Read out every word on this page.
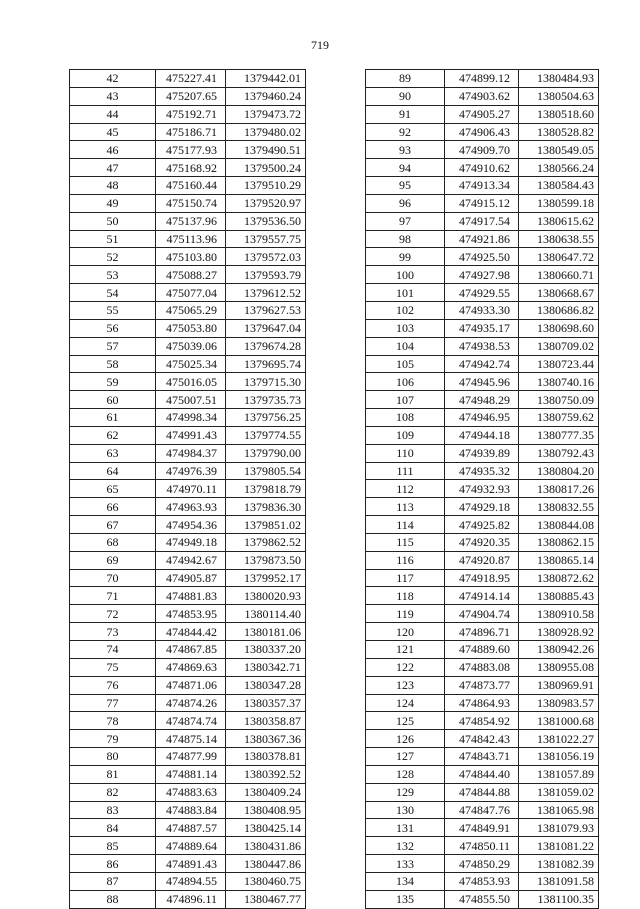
719
42	475227.41	1379442.01
43	475207.65	1379460.24
44	475192.71	1379473.72
45	475186.71	1379480.02
46	475177.93	1379490.51
47	475168.92	1379500.24
48	475160.44	1379510.29
49	475150.74	1379520.97
50	475137.96	1379536.50
51	475113.96	1379557.75
52	475103.80	1379572.03
53	475088.27	1379593.79
54	475077.04	1379612.52
55	475065.29	1379627.53
56	475053.80	1379647.04
57	475039.06	1379674.28
58	475025.34	1379695.74
59	475016.05	1379715.30
60	475007.51	1379735.73
61	474998.34	1379756.25
62	474991.43	1379774.55
63	474984.37	1379790.00
64	474976.39	1379805.54
65	474970.11	1379818.79
66	474963.93	1379836.30
67	474954.36	1379851.02
68	474949.18	1379862.52
69	474942.67	1379873.50
70	474905.87	1379952.17
71	474881.83	1380020.93
72	474853.95	1380114.40
73	474844.42	1380181.06
74	474867.85	1380337.20
75	474869.63	1380342.71
76	474871.06	1380347.28
77	474874.26	1380357.37
78	474874.74	1380358.87
79	474875.14	1380367.36
80	474877.99	1380378.81
81	474881.14	1380392.52
82	474883.63	1380409.24
83	474883.84	1380408.95
84	474887.57	1380425.14
85	474889.64	1380431.86
86	474891.43	1380447.86
87	474894.55	1380460.75
88	474896.11	1380467.77
89	474899.12	1380484.93
90	474903.62	1380504.63
91	474905.27	1380518.60
92	474906.43	1380528.82
93	474909.70	1380549.05
94	474910.62	1380566.24
95	474913.34	1380584.43
96	474915.12	1380599.18
97	474917.54	1380615.62
98	474921.86	1380638.55
99	474925.50	1380647.72
100	474927.98	1380660.71
101	474929.55	1380668.67
102	474933.30	1380686.82
103	474935.17	1380698.60
104	474938.53	1380709.02
105	474942.74	1380723.44
106	474945.96	1380740.16
107	474948.29	1380750.09
108	474946.95	1380759.62
109	474944.18	1380777.35
110	474939.89	1380792.43
111	474935.32	1380804.20
112	474932.93	1380817.26
113	474929.18	1380832.55
114	474925.82	1380844.08
115	474920.35	1380862.15
116	474920.87	1380865.14
117	474918.95	1380872.62
118	474914.14	1380885.43
119	474904.74	1380910.58
120	474896.71	1380928.92
121	474889.60	1380942.26
122	474883.08	1380955.08
123	474873.77	1380969.91
124	474864.93	1380983.57
125	474854.92	1381000.68
126	474842.43	1381022.27
127	474843.71	1381056.19
128	474844.40	1381057.89
129	474844.88	1381059.02
130	474847.76	1381065.98
131	474849.91	1381079.93
132	474850.11	1381081.22
133	474850.29	1381082.39
134	474853.93	1381091.58
135	474855.50	1381100.35
